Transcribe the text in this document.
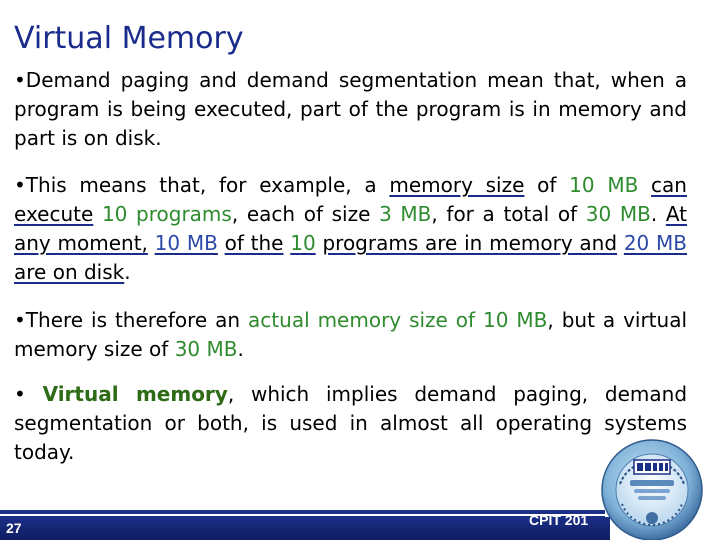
Virtual Memory

•Demand paging and demand segmentation mean that, when a program is being executed, part of the program is in memory and part is on disk.

•This means that, for example, a memory size of 10 MB can execute 10 programs, each of size 3 MB, for a total of 30 MB. At any moment, 10 MB of the 10 programs are in memory and 20 MB are on disk.

•There is therefore an actual memory size of 10 MB, but a virtual memory size of 30 MB.

• Virtual memory, which implies demand paging, demand segmentation or both, is used in almost all operating systems today.

27	CPIT 201
